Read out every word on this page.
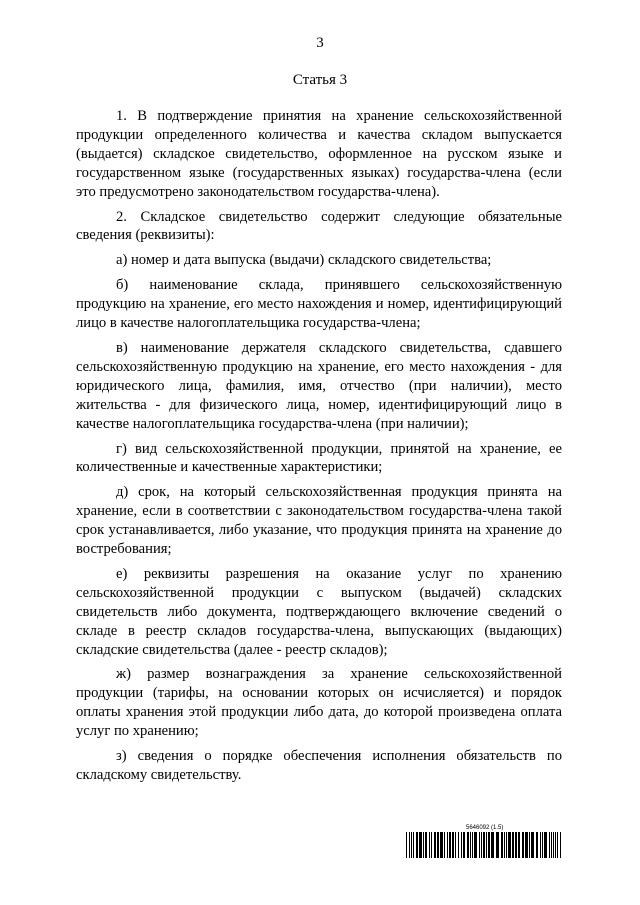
3
Статья 3

1. В подтверждение принятия на хранение сельскохозяйственной продукции определенного количества и качества складом выпускается (выдается) складское свидетельство, оформленное на русском языке и государственном языке (государственных языках) государства-члена (если это предусмотрено законодательством государства-члена).

2. Складское свидетельство содержит следующие обязательные сведения (реквизиты):

а) номер и дата выпуска (выдачи) складского свидетельства;

б) наименование склада, принявшего сельскохозяйственную продукцию на хранение, его место нахождения и номер, идентифицирующий лицо в качестве налогоплательщика государства-члена;

в) наименование держателя складского свидетельства, сдавшего сельскохозяйственную продукцию на хранение, его место нахождения - для юридического лица, фамилия, имя, отчество (при наличии), место жительства - для физического лица, номер, идентифицирующий лицо в качестве налогоплательщика государства-члена (при наличии);

г) вид сельскохозяйственной продукции, принятой на хранение, ее количественные и качественные характеристики;

д) срок, на который сельскохозяйственная продукция принята на хранение, если в соответствии с законодательством государства-члена такой срок устанавливается, либо указание, что продукция принята на хранение до востребования;

е) реквизиты разрешения на оказание услуг по хранению сельскохозяйственной продукции с выпуском (выдачей) складских свидетельств либо документа, подтверждающего включение сведений о складе в реестр складов государства-члена, выпускающих (выдающих) складские свидетельства (далее - реестр складов);

ж) размер вознаграждения за хранение сельскохозяйственной продукции (тарифы, на основании которых он исчисляется) и порядок оплаты хранения этой продукции либо дата, до которой произведена оплата услуг по хранению;

з) сведения о порядке обеспечения исполнения обязательств по складскому свидетельству.

5646092 (1.5)
